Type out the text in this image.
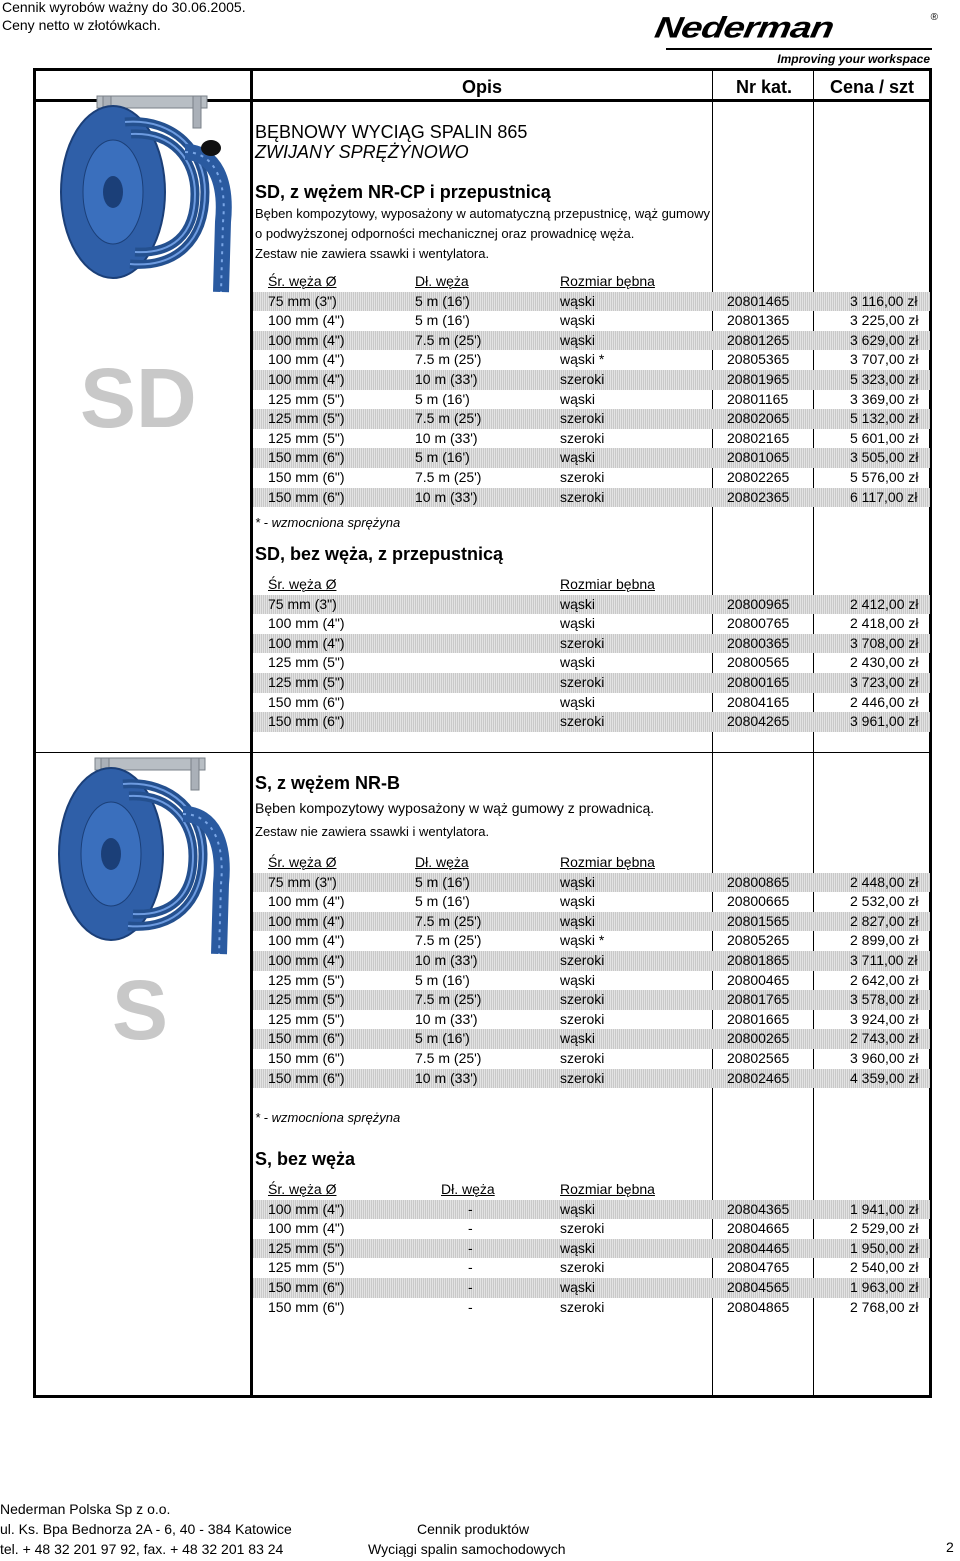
Cennik wyrobów ważny do 30.06.2005.
Ceny netto w złotówkach.	Nederman	®
Improving your workspace
Opis	Nr kat. Cena / szt
SD
S
BĘBNOWY WYCIĄG SPALIN 865
ZWIJANY SPRĘŻYNOWO
SD, z wężem NR-CP i przepustnicą
Bęben kompozytowy, wyposażony w automatyczną przepustnicę, wąż gumowy
o podwyższonej odporności mechanicznej oraz prowadnicę węża.
Zestaw nie zawiera ssawki i wentylatora.
Śr. węża Ø	Dł. węża	Rozmiar bębna
75 mm (3")	5 m (16')	wąski	20801465	3 116,00 zł
100 mm (4")	5 m (16')	wąski	20801365	3 225,00 zł
100 mm (4")	7.5 m (25')	wąski	20801265	3 629,00 zł
100 mm (4")	7.5 m (25')	wąski *	20805365	3 707,00 zł
100 mm (4")	10 m (33')	szeroki	20801965	5 323,00 zł
125 mm (5")	5 m (16')	wąski	20801165	3 369,00 zł
125 mm (5")	7.5 m (25')	szeroki	20802065	5 132,00 zł
125 mm (5")	10 m (33')	szeroki	20802165	5 601,00 zł
150 mm (6")	5 m (16')	wąski	20801065	3 505,00 zł
150 mm (6")	7.5 m (25')	szeroki	20802265	5 576,00 zł
150 mm (6")	10 m (33')	szeroki	20802365	6 117,00 zł
* - wzmocniona sprężyna
SD, bez węża, z przepustnicą
Śr. węża Ø	Rozmiar bębna
75 mm (3")	wąski	20800965	2 412,00 zł
100 mm (4")	wąski	20800765	2 418,00 zł
100 mm (4")	szeroki	20800365	3 708,00 zł
125 mm (5")	wąski	20800565	2 430,00 zł
125 mm (5")	szeroki	20800165	3 723,00 zł
150 mm (6")	wąski	20804165	2 446,00 zł
150 mm (6")	szeroki	20804265	3 961,00 zł
S, z wężem NR-B
Bęben kompozytowy wyposażony w wąż gumowy z prowadnicą.
Zestaw nie zawiera ssawki i wentylatora.
Śr. węża Ø	Dł. węża	Rozmiar bębna
75 mm (3")	5 m (16')	wąski	20800865	2 448,00 zł
100 mm (4")	5 m (16')	wąski	20800665	2 532,00 zł
100 mm (4")	7.5 m (25')	wąski	20801565	2 827,00 zł
100 mm (4")	7.5 m (25')	wąski *	20805265	2 899,00 zł
100 mm (4")	10 m (33')	szeroki	20801865	3 711,00 zł
125 mm (5")	5 m (16')	wąski	20800465	2 642,00 zł
125 mm (5")	7.5 m (25')	szeroki	20801765	3 578,00 zł
125 mm (5")	10 m (33')	szeroki	20801665	3 924,00 zł
150 mm (6")	5 m (16')	wąski	20800265	2 743,00 zł
150 mm (6")	7.5 m (25')	szeroki	20802565	3 960,00 zł
150 mm (6")	10 m (33')	szeroki	20802465	4 359,00 zł
* - wzmocniona sprężyna
S, bez węża
Śr. węża Ø	Dł. węża	Rozmiar bębna
100 mm (4")	-	wąski	20804365	1 941,00 zł
100 mm (4")	-	szeroki	20804665	2 529,00 zł
125 mm (5")	-	wąski	20804465	1 950,00 zł
125 mm (5")	-	szeroki	20804765	2 540,00 zł
150 mm (6")	-	wąski	20804565	1 963,00 zł
150 mm (6")	-	szeroki	20804865	2 768,00 zł
Nederman Polska Sp z o.o.
ul. Ks. Bpa Bednorza 2A - 6, 40 - 384 Katowice
tel. + 48 32 201 97 92, fax. + 48 32 201 83 24
Cennik produktów
Wyciągi spalin samochodowych	2
